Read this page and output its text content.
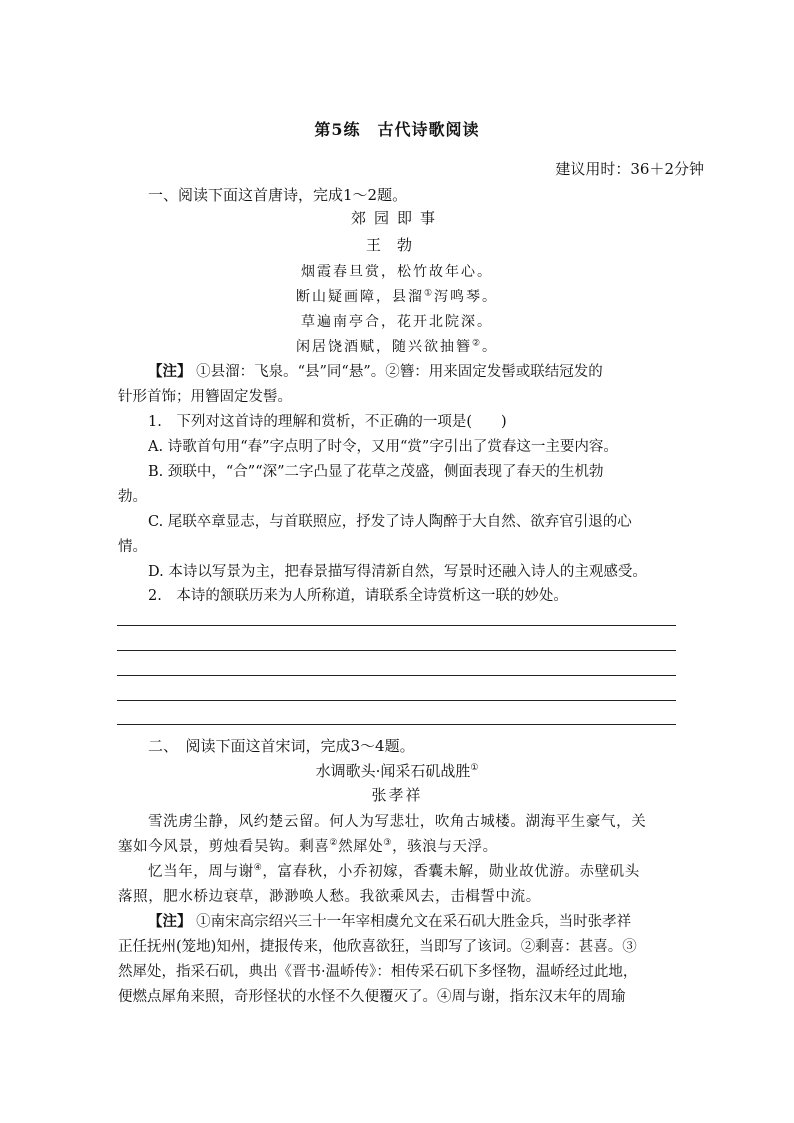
第5练　古代诗歌阅读
建议用时：36＋2分钟
一、阅读下面这首唐诗，完成1～2题。
郊园即事
王勃
烟霞春旦赏，松竹故年心。
断山疑画障，县溜①泻鸣琴。
草遍南亭合，花开北院深。
闲居饶酒赋，随兴欲抽簪②。
【注】 ①县溜：飞泉。“县”同“悬”。②簪：用来固定发髻或联结冠发的
针形首饰；用簪固定发髻。
1.　下列对这首诗的理解和赏析，不正确的一项是(　　)
A. 诗歌首句用“春”字点明了时令，又用“赏”字引出了赏春这一主要内容。
B. 颈联中，“合”“深”二字凸显了花草之茂盛，侧面表现了春天的生机勃
勃。
C. 尾联卒章显志，与首联照应，抒发了诗人陶醉于大自然、欲弃官引退的心
情。
D. 本诗以写景为主，把春景描写得清新自然，写景时还融入诗人的主观感受。
2.　本诗的颔联历来为人所称道，请联系全诗赏析这一联的妙处。
二、　阅读下面这首宋词，完成3～4题。
水调歌头·闻采石矶战胜①
张孝祥
雪洗虏尘静，风约楚云留。何人为写悲壮，吹角古城楼。湖海平生豪气，关
塞如今风景，剪烛看吴钩。剩喜②然犀处③，骇浪与天浮。
忆当年，周与谢④，富春秋，小乔初嫁，香囊未解，勋业故优游。赤壁矶头
落照，肥水桥边衰草，渺渺唤人愁。我欲乘风去，击楫誓中流。
【注】 ①南宋高宗绍兴三十一年宰相虞允文在采石矶大胜金兵，当时张孝祥
正任抚州(笼地)知州，捷报传来，他欣喜欲狂，当即写了该词。②剩喜：甚喜。③
然犀处，指采石矶，典出《晋书·温峤传》：相传采石矶下多怪物，温峤经过此地，
便燃点犀角来照，奇形怪状的水怪不久便覆灭了。④周与谢，指东汉末年的周瑜
